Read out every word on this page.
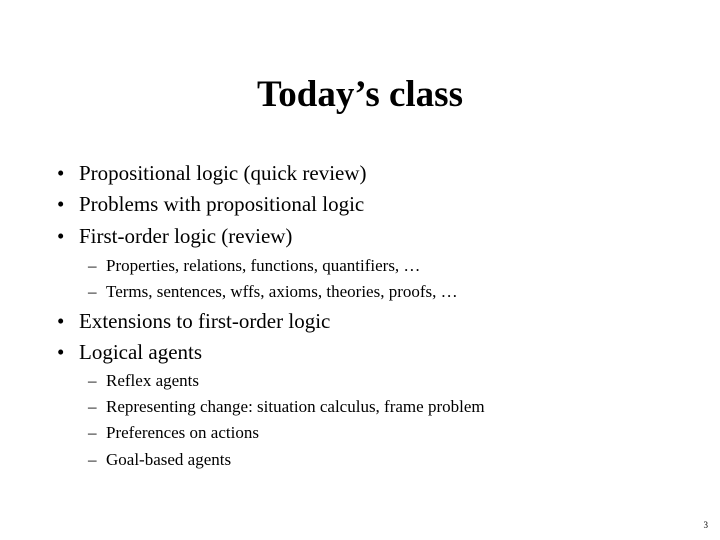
Today’s class
• Propositional logic (quick review)
• Problems with propositional logic
• First-order logic (review)
– Properties, relations, functions, quantifiers, …
– Terms, sentences, wffs, axioms, theories, proofs, …
• Extensions to first-order logic
• Logical agents
– Reflex agents
– Representing change: situation calculus, frame problem
– Preferences on actions
– Goal-based agents
3
